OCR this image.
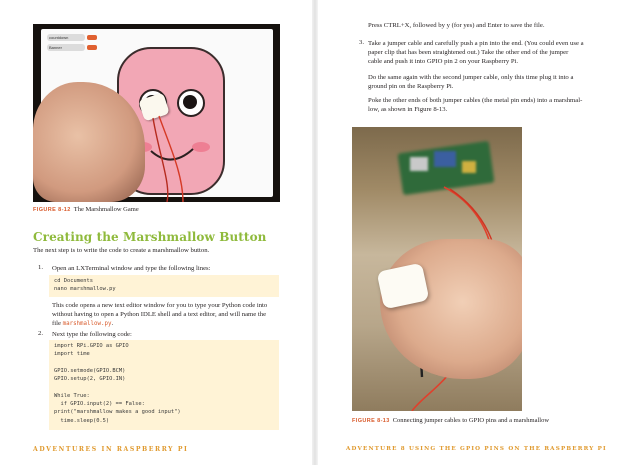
countdown
Banner
FIGURE 8-12 The Marshmallow Game
Creating the Marshmallow Button
The next step is to write the code to create a marshmallow button.
1. Open an LXTerminal window and type the following lines:
cd Documents
nano marshmallow.py
This code opens a new text editor window for you to type your Python code into
without having to open a Python IDLE shell and a text editor, and will name the
file marshmallow.py.
2. Next type the following code:
import RPi.GPIO as GPIO
import time

GPIO.setmode(GPIO.BCM)
GPIO.setup(2, GPIO.IN)

While True:
if GPIO.input(2) == False:
print("marshmallow makes a good input")
time.sleep(0.5)
ADVENTURES IN RASPBERRY PI
Press CTRL+X, followed by y (for yes) and Enter to save the file.
3. Take a jumper cable and carefully push a pin into the end. (You could even use a
paper clip that has been straightened out.) Take the other end of the jumper
cable and push it into GPIO pin 2 on your Raspberry Pi.
Do the same again with the second jumper cable, only this time plug it into a
ground pin on the Raspberry Pi.
Poke the other ends of both jumper cables (the metal pin ends) into a marshmal-
low, as shown in Figure 8-13.
FIGURE 8-13 Connecting jumper cables to GPIO pins and a marshmallow
ADVENTURE 8 USING THE GPIO PINS ON THE RASPBERRY PI
